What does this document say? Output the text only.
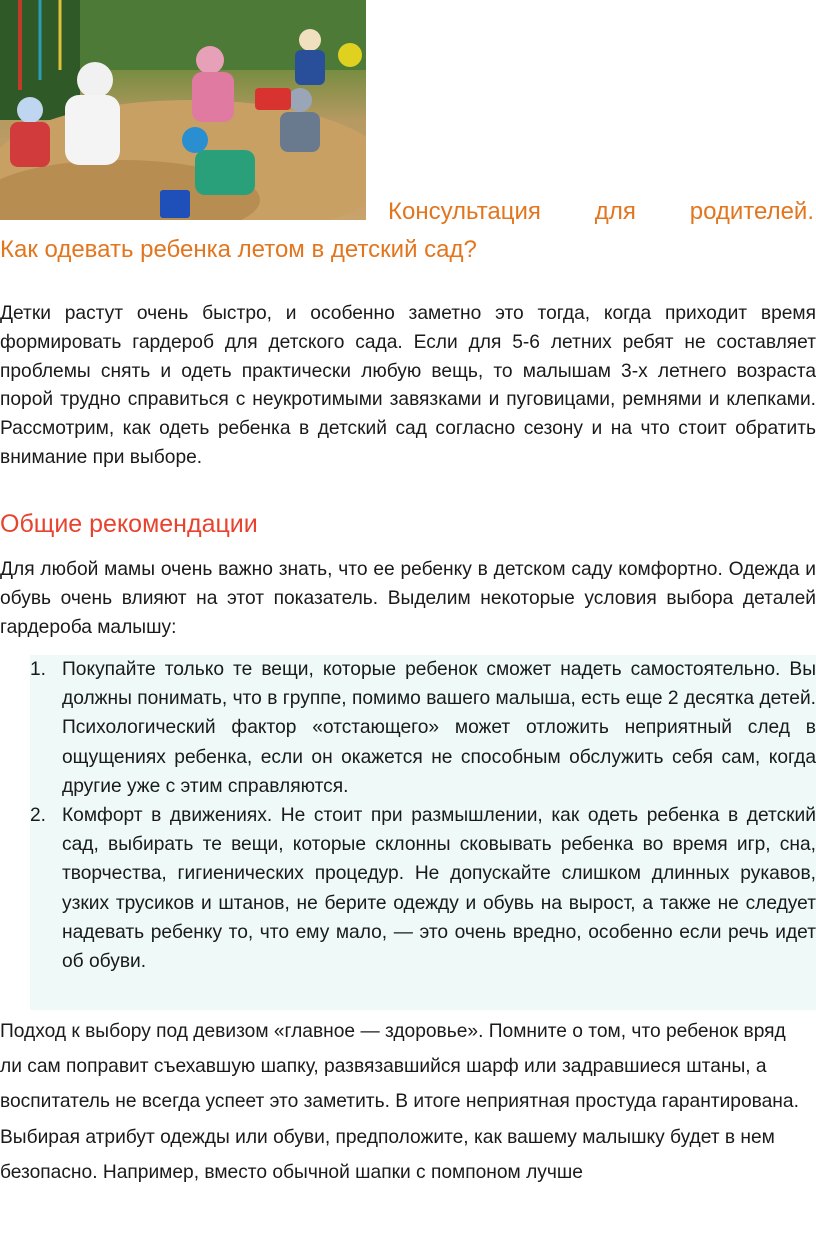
Консультация для родителей.
Как одевать ребенка летом в детский сад?
Детки растут очень быстро, и особенно заметно это тогда, когда приходит время формировать гардероб для детского сада. Если для 5-6 летних ребят не составляет проблемы снять и одеть практически любую вещь, то малышам 3-х летнего возраста порой трудно справиться с неукротимыми завязками и пуговицами, ремнями и клепками. Рассмотрим, как одеть ребенка в детский сад согласно сезону и на что стоит обратить внимание при выборе.
Общие рекомендации
Для любой мамы очень важно знать, что ее ребенку в детском саду комфортно. Одежда и обувь очень влияют на этот показатель. Выделим некоторые условия выбора деталей гардероба малышу:
1. Покупайте только те вещи, которые ребенок сможет надеть самостоятельно. Вы должны понимать, что в группе, помимо вашего малыша, есть еще 2 десятка детей. Психологический фактор «отстающего» может отложить неприятный след в ощущениях ребенка, если он окажется не способным обслужить себя сам, когда другие уже с этим справляются.
2. Комфорт в движениях. Не стоит при размышлении, как одеть ребенка в детский сад, выбирать те вещи, которые склонны сковывать ребенка во время игр, сна, творчества, гигиенических процедур. Не допускайте слишком длинных рукавов, узких трусиков и штанов, не берите одежду и обувь на вырост, а также не следует надевать ребенку то, что ему мало, — это очень вредно, особенно если речь идет об обуви.
Подход к выбору под девизом «главное — здоровье». Помните о том, что ребенок вряд ли сам поправит съехавшую шапку, развязавшийся шарф или задравшиеся штаны, а воспитатель не всегда успеет это заметить. В итоге неприятная простуда гарантирована. Выбирая атрибут одежды или обуви, предположите, как вашему малышку будет в нем безопасно. Например, вместо обычной шапки с помпоном лучше
